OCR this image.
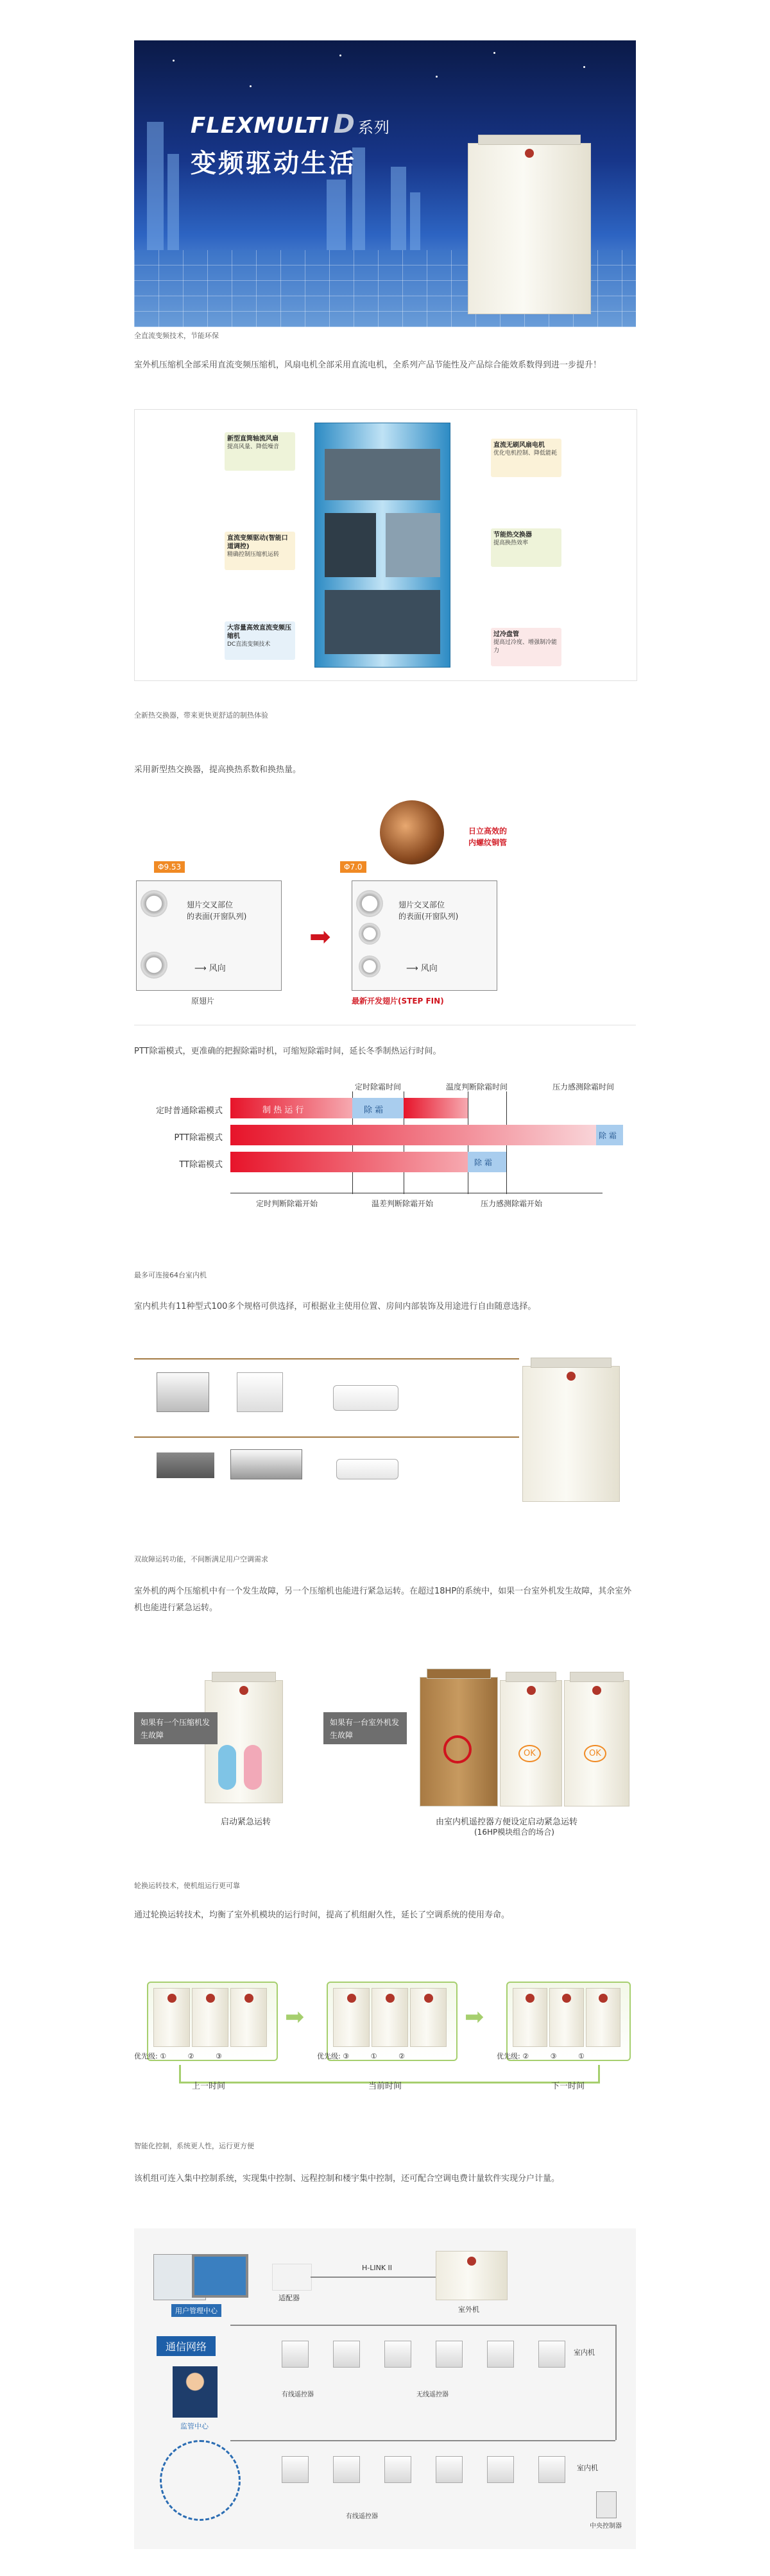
FLEXMULTI D 系列
变频驱动生活
全直流变频技术，节能环保
室外机压缩机全部采用直流变频压缩机，风扇电机全部采用直流电机，全系列产品节能性及产品综合能效系数得到进一步提升！
新型直筒轴流风扇
提高风量、降低噪音	直流无刷风扇电机
优化电机控制、降低能耗
直流变频驱动(智能口道调控)
精确控制压缩机运转
节能热交换器
提高换热效率
大容量高效直流变频压缩机
DC直流变频技术
过冷盘管
提高过冷度、增强制冷能力
全新热交换器，带来更快更舒适的制热体验
采用新型热交换器，提高换热系数和换热量。
翅片交叉部位
的表面(开窗队列)
⟶ 风向
Φ9.53
原翅片
➡
翅片交叉部位
的表面(开窗队列)
⟶ 风向
Φ7.0
最新开发翅片(STEP FIN)
日立高效的
内螺纹铜管
PTT除霜模式，更准确的把握除霜时机，可缩短除霜时间，延长冬季制热运行时间。
定时除霜时间	温度判断除霜时间	压力感测除霜时间
定时普通除霜模式	制 热 运 行	除 霜
PTT除霜模式	除 霜
TT除霜模式	除 霜
定时判断除霜开始	温差判断除霜开始	压力感测除霜开始
最多可连接64台室内机
室内机共有11种型式100多个规格可供选择，可根据业主使用位置、房间内部装饰及用途进行自由随意选择。
双故障运转功能，不间断满足用户空调需求
室外机的两个压缩机中有一个发生故障，另一个压缩机也能进行紧急运转。在超过18HP的系统中，如果一台室外机发生故障，其余室外机也能进行紧急运转。
如果有一个压缩机发生故障
启动紧急运转
OK	OK
如果有一台室外机发生故障
由室内机遥控器方便设定启动紧急运转
(16HP模块组合的场合)
轮换运转技术，使机组运行更可靠
通过轮换运转技术，均衡了室外机模块的运行时间，提高了机组耐久性，延长了空调系统的使用寿命。
优先级: ①	②	③
➡
优先级: ③	①	②
➡
优先级: ②	③	①
上一时间	当前时间	下一时间
智能化控制，系统更人性，运行更方便
该机组可连入集中控制系统，实现集中控制、远程控制和楼宇集中控制，还可配合空调电费计量软件实现分户计量。
用户管理中心
通信网络
监管中心
适配器
H-LINK II
室外机
室内机
有线遥控器	无线遥控器
室内机
有线遥控器
中央控制器
